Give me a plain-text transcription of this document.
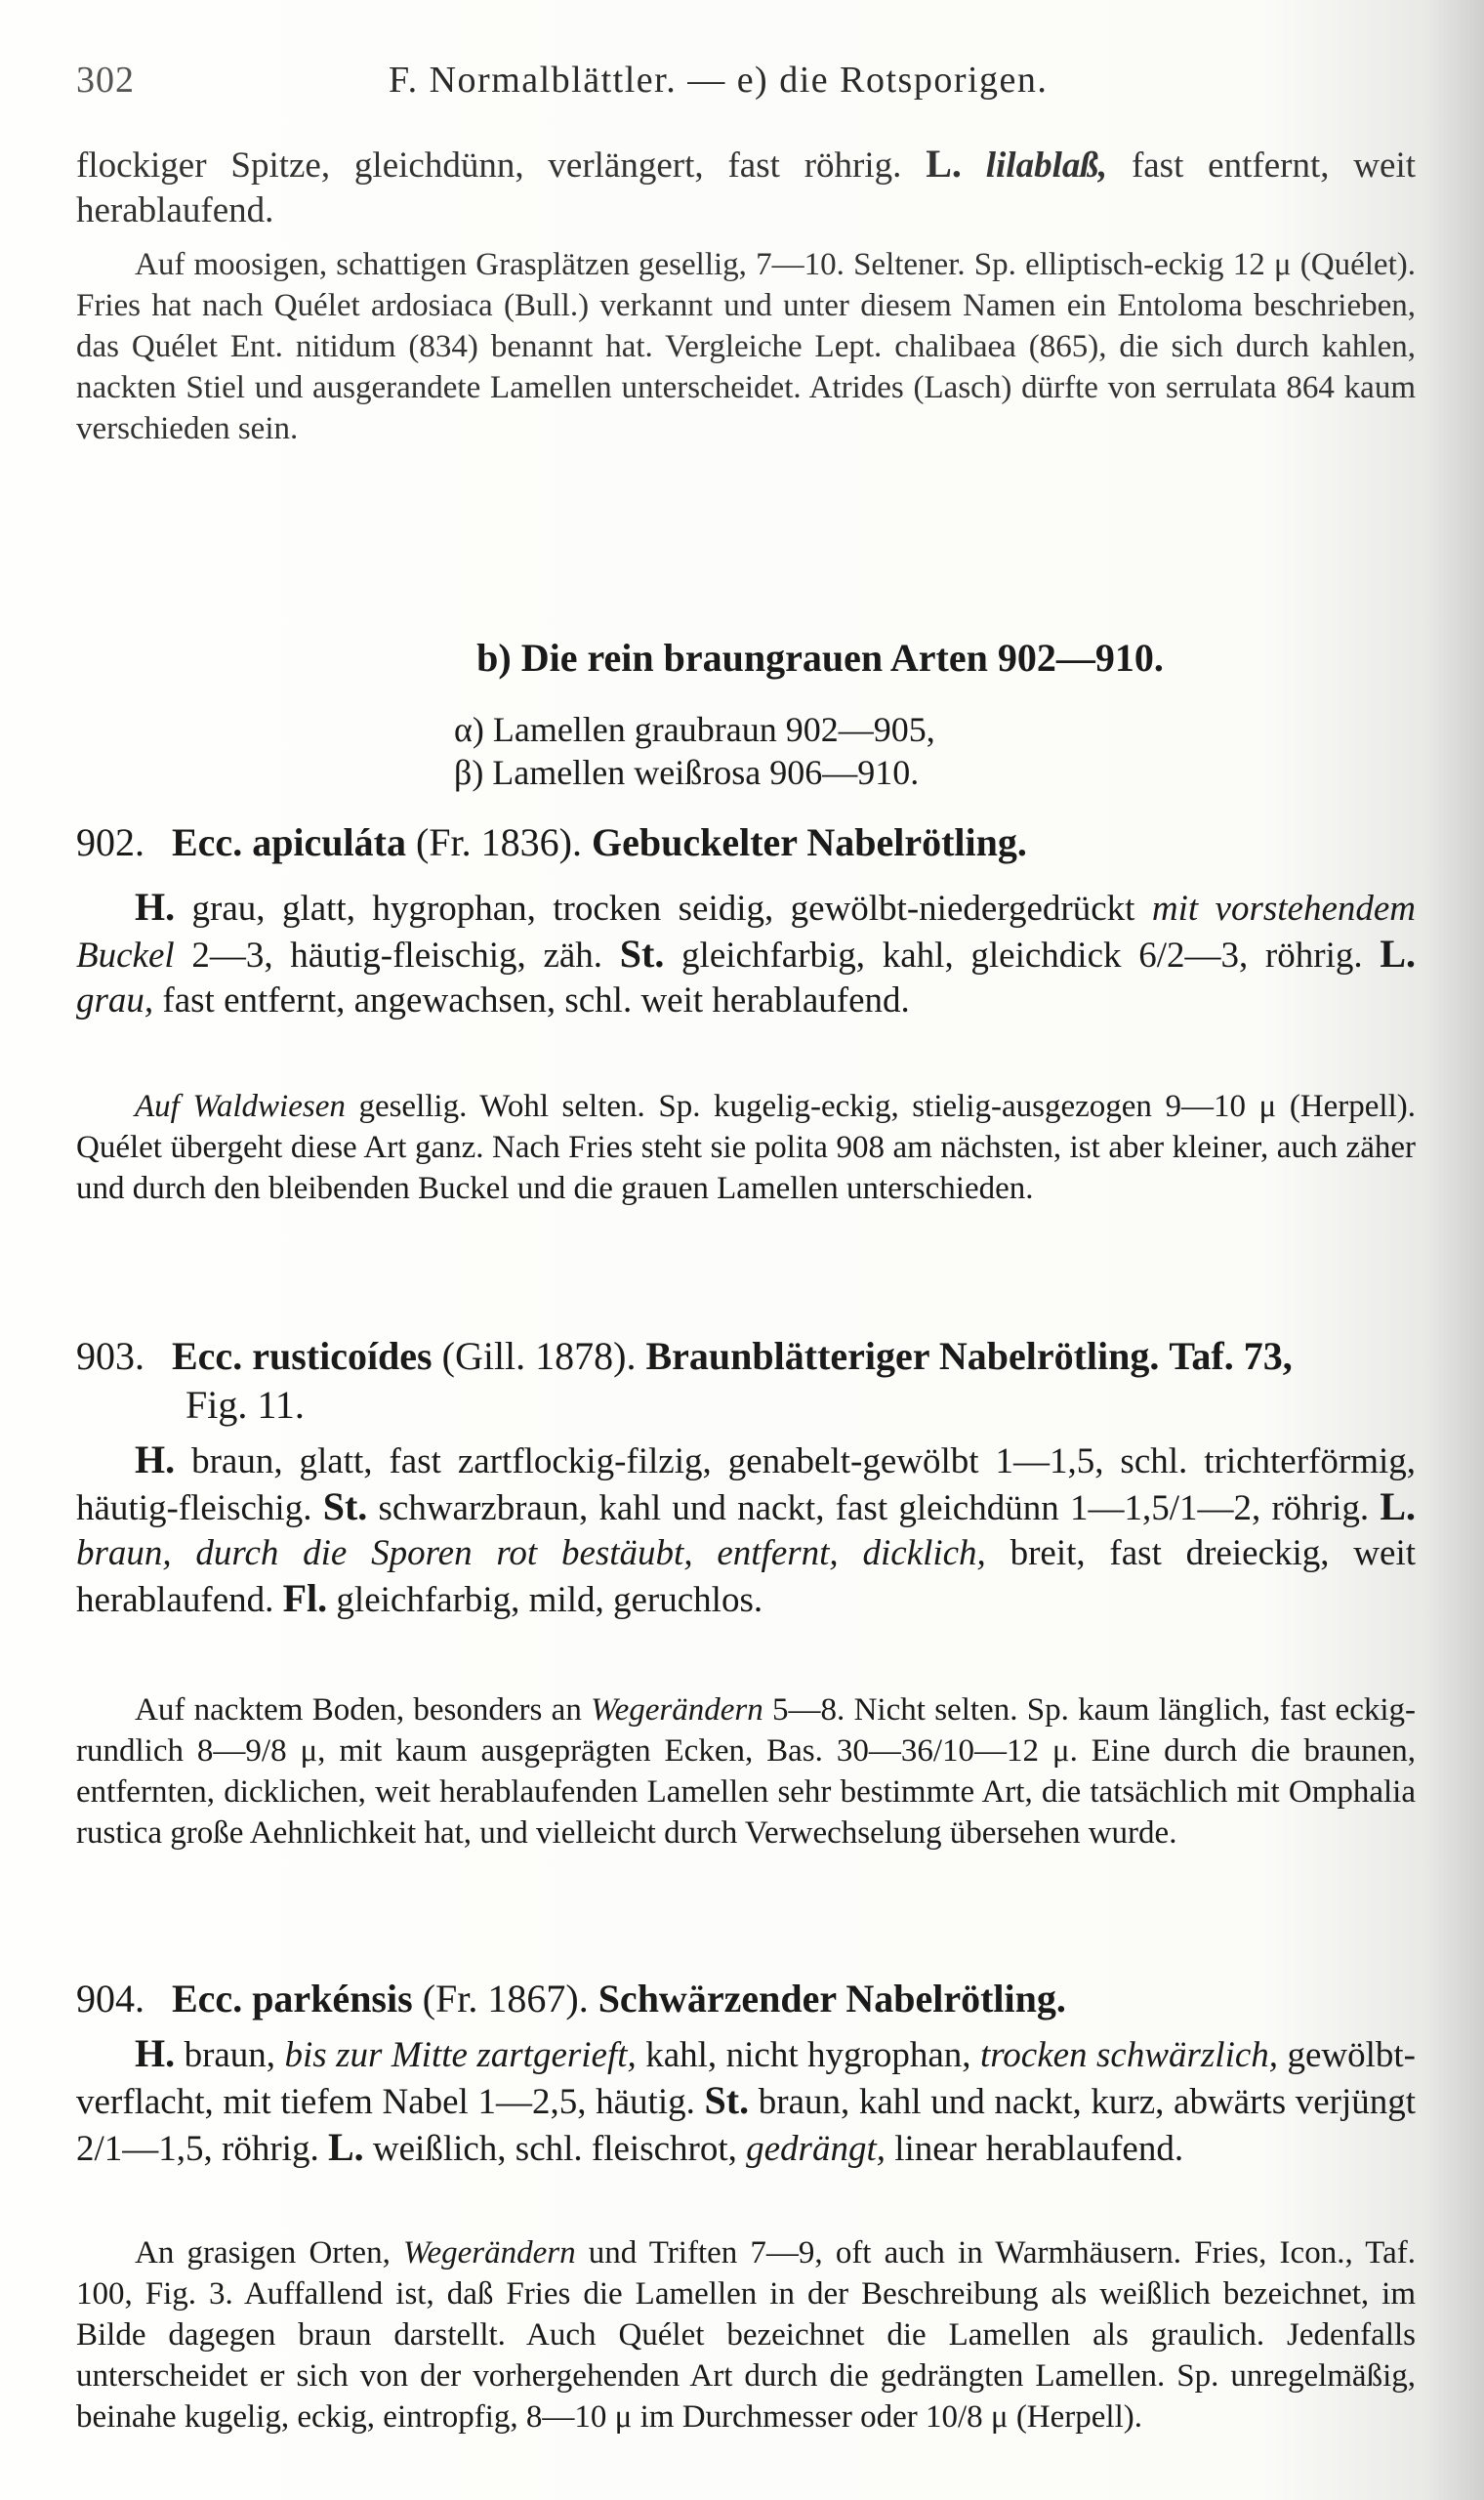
302	F. Normalblättler. — e) die Rotsporigen.

flockiger Spitze, gleichdünn, verlängert, fast röhrig. L. lilablaß, fast entfernt, weit herablaufend.

Auf moosigen, schattigen Grasplätzen gesellig, 7—10. Seltener. Sp. elliptisch-eckig 12 μ (Quélet). Fries hat nach Quélet ardosiaca (Bull.) verkannt und unter diesem Namen ein Entoloma beschrieben, das Quélet Ent. nitidum (834) benannt hat. Vergleiche Lept. chalibaea (865), die sich durch kahlen, nackten Stiel und ausgerandete Lamellen unterscheidet. Atrides (Lasch) dürfte von serrulata 864 kaum verschieden sein.

b) Die rein braungrauen Arten 902—910.
α) Lamellen graubraun 902—905,
β) Lamellen weißrosa 906—910.

902. Ecc. apiculáta (Fr. 1836). Gebuckelter Nabelrötling.

H. grau, glatt, hygrophan, trocken seidig, gewölbt-niedergedrückt mit vorstehendem Buckel 2—3, häutig-fleischig, zäh. St. gleichfarbig, kahl, gleichdick 6/2—3, röhrig. L. grau, fast entfernt, angewachsen, schl. weit herablaufend.

Auf Waldwiesen gesellig. Wohl selten. Sp. kugelig-eckig, stielig-ausgezogen 9—10 μ (Herpell). Quélet übergeht diese Art ganz. Nach Fries steht sie polita 908 am nächsten, ist aber kleiner, auch zäher und durch den bleibenden Buckel und die grauen Lamellen unterschieden.

903. Ecc. rusticoídes (Gill. 1878). Braunblätteriger Nabelrötling. Taf. 73,

Fig. 11.

H. braun, glatt, fast zartflockig-filzig, genabelt-gewölbt 1—1,5, schl. trichterförmig, häutig-fleischig. St. schwarzbraun, kahl und nackt, fast gleichdünn 1—1,5/1—2, röhrig. L. braun, durch die Sporen rot bestäubt, entfernt, dicklich, breit, fast dreieckig, weit herablaufend. Fl. gleichfarbig, mild, geruchlos.

Auf nacktem Boden, besonders an Wegerändern 5—8. Nicht selten. Sp. kaum länglich, fast eckig-rundlich 8—9/8 μ, mit kaum ausgeprägten Ecken, Bas. 30—36/10—12 μ. Eine durch die braunen, entfernten, dicklichen, weit herablaufenden Lamellen sehr bestimmte Art, die tatsächlich mit Omphalia rustica große Aehnlichkeit hat, und vielleicht durch Verwechselung übersehen wurde.

904. Ecc. parkénsis (Fr. 1867). Schwärzender Nabelrötling.

H. braun, bis zur Mitte zartgerieft, kahl, nicht hygrophan, trocken schwärzlich, gewölbt-verflacht, mit tiefem Nabel 1—2,5, häutig. St. braun, kahl und nackt, kurz, abwärts verjüngt 2/1—1,5, röhrig. L. weißlich, schl. fleischrot, gedrängt, linear herablaufend.

An grasigen Orten, Wegerändern und Triften 7—9, oft auch in Warmhäusern. Fries, Icon., Taf. 100, Fig. 3. Auffallend ist, daß Fries die Lamellen in der Beschreibung als weißlich bezeichnet, im Bilde dagegen braun darstellt. Auch Quélet bezeichnet die Lamellen als graulich. Jedenfalls unterscheidet er sich von der vorhergehenden Art durch die gedrängten Lamellen. Sp. unregelmäßig, beinahe kugelig, eckig, eintropfig, 8—10 μ im Durchmesser oder 10/8 μ (Herpell).
